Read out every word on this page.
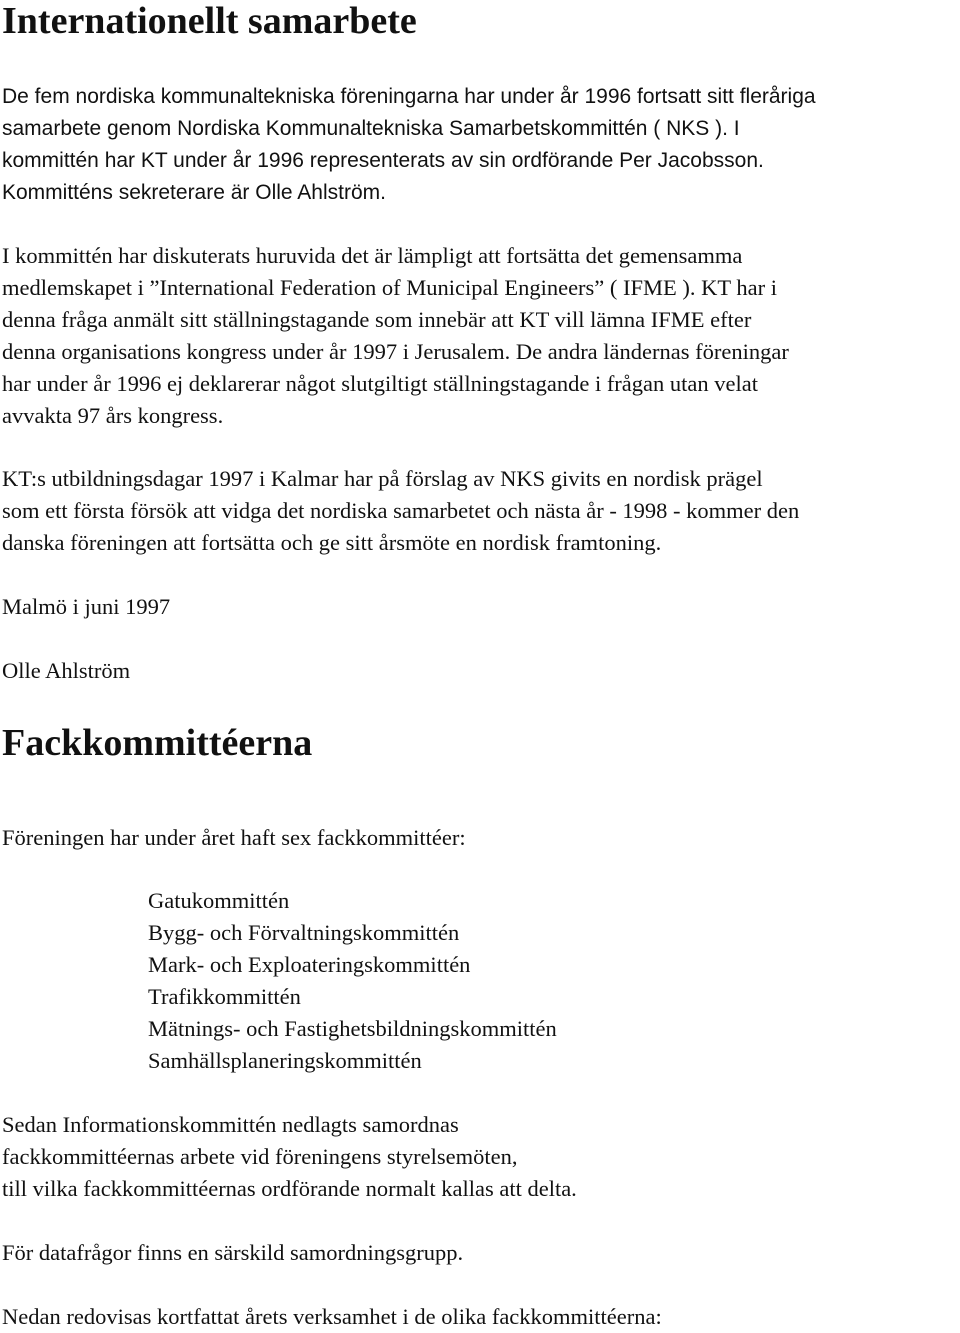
Internationellt samarbete

De fem nordiska kommunaltekniska föreningarna har under år 1996 fortsatt sitt fleråriga
samarbete genom Nordiska Kommunaltekniska Samarbetskommittén ( NKS ). I
kommittén har KT under år 1996 representerats av sin ordförande Per Jacobsson.
Kommitténs sekreterare är Olle Ahlström.

I kommittén har diskuterats huruvida det är lämpligt att fortsätta det gemensamma
medlemskapet i ”International Federation of Municipal Engineers” ( IFME ). KT har i
denna fråga anmält sitt ställningstagande som innebär att KT vill lämna IFME efter
denna organisations kongress under år 1997 i Jerusalem. De andra ländernas föreningar
har under år 1996 ej deklarerar något slutgiltigt ställningstagande i frågan utan velat
avvakta 97 års kongress.

KT:s utbildningsdagar 1997 i Kalmar har på förslag av NKS givits en nordisk prägel
som ett första försök att vidga det nordiska samarbetet och nästa år - 1998 - kommer den
danska föreningen att fortsätta och ge sitt årsmöte en nordisk framtoning.

Malmö i juni 1997

Olle Ahlström

Fackkommittéerna

Föreningen har under året haft sex fackkommittéer:

Gatukommittén
Bygg- och Förvaltningskommittén
Mark- och Exploateringskommittén
Trafikkommittén
Mätnings- och Fastighetsbildningskommittén
Samhällsplaneringskommittén

Sedan Informationskommittén nedlagts samordnas
fackkommittéernas arbete vid föreningens styrelsemöten,
till vilka fackkommittéernas ordförande normalt kallas att delta.

För datafrågor finns en särskild samordningsgrupp.

Nedan redovisas kortfattat årets verksamhet i de olika fackkommittéerna:
